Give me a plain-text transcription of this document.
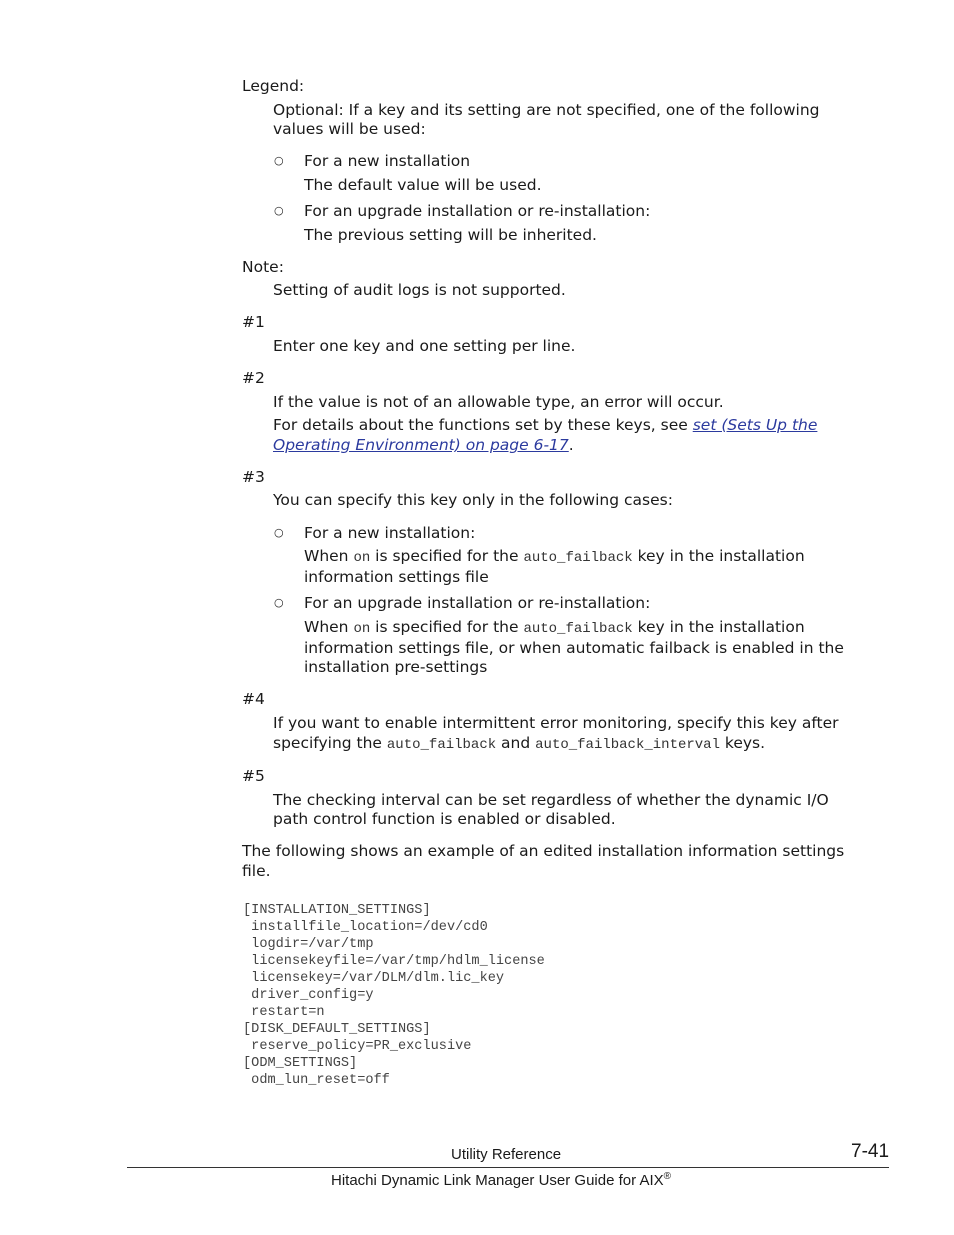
Legend:

Optional: If a key and its setting are not specified, one of the following

values will be used:

○ For a new installation

The default value will be used.

○ For an upgrade installation or re-installation:

The previous setting will be inherited.

Note:

Setting of audit logs is not supported.

#1

Enter one key and one setting per line.

#2

If the value is not of an allowable type, an error will occur.

For details about the functions set by these keys, see set (Sets Up the

Operating Environment) on page 6-17.

#3

You can specify this key only in the following cases:

○ For a new installation:

When on is specified for the auto_failback key in the installation

information settings file

○ For an upgrade installation or re-installation:

When on is specified for the auto_failback key in the installation

information settings file, or when automatic failback is enabled in the

installation pre-settings

#4

If you want to enable intermittent error monitoring, specify this key after

specifying the auto_failback and auto_failback_interval keys.

#5

The checking interval can be set regardless of whether the dynamic I/O

path control function is enabled or disabled.

The following shows an example of an edited installation information settings

file.

[INSTALLATION_SETTINGS]
installfile_location=/dev/cd0
logdir=/var/tmp
licensekeyfile=/var/tmp/hdlm_license
licensekey=/var/DLM/dlm.lic_key
driver_config=y
restart=n
[DISK_DEFAULT_SETTINGS]
reserve_policy=PR_exclusive
[ODM_SETTINGS]
odm_lun_reset=off

Utility Reference	7-41

Hitachi Dynamic Link Manager User Guide for AIX®
